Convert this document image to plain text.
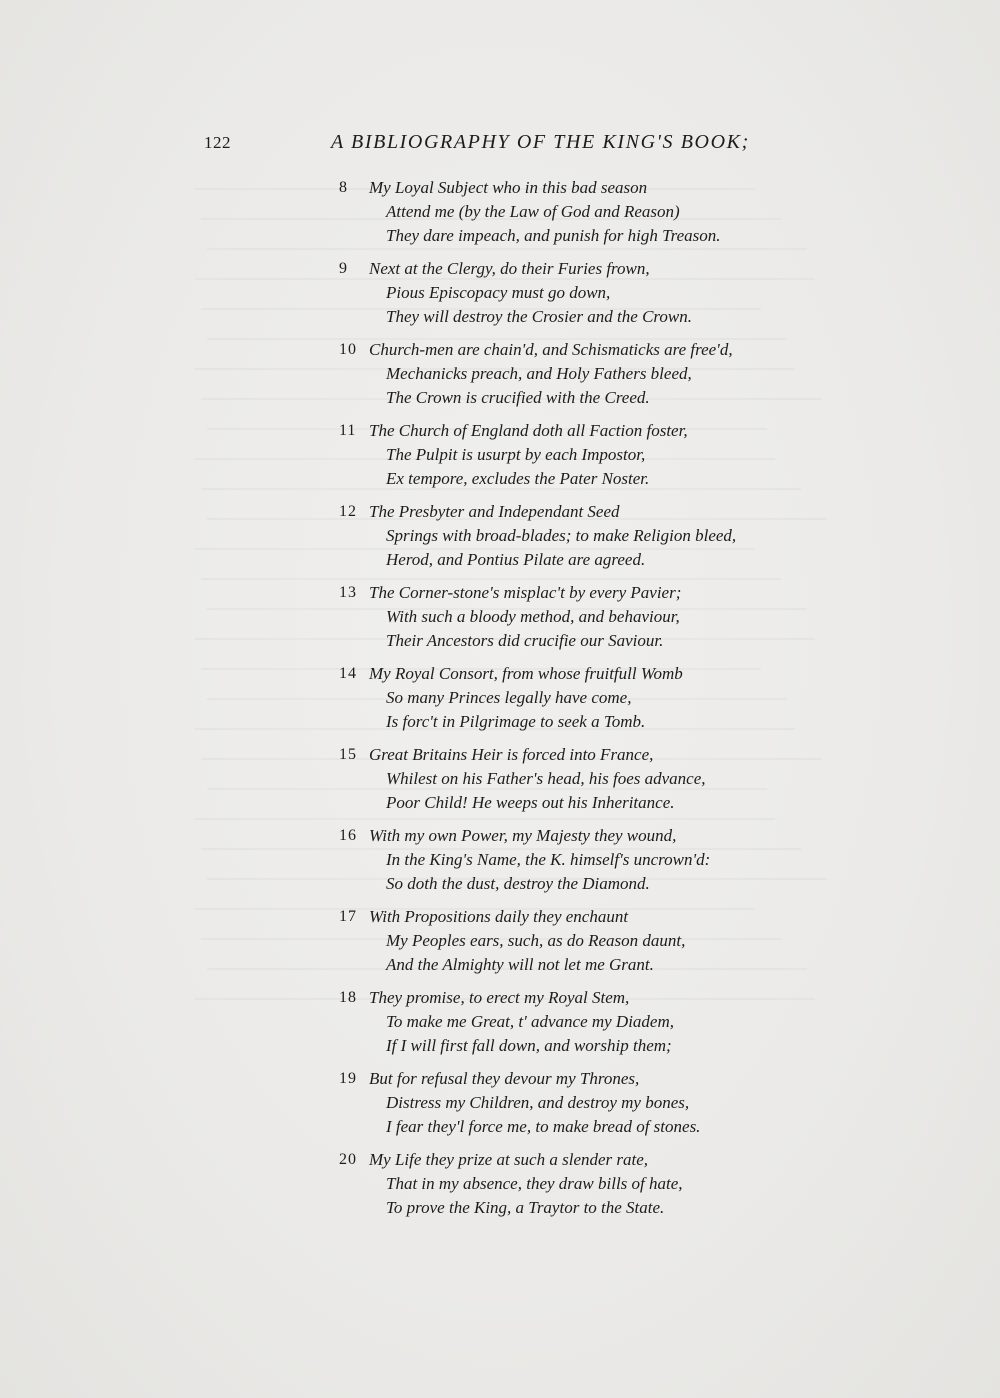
122	A BIBLIOGRAPHY OF THE KING'S BOOK;
8 My Loyal Subject who in this bad season
Attend me (by the Law of God and Reason)
They dare impeach, and punish for high Treason.
9 Next at the Clergy, do their Furies frown,
Pious Episcopacy must go down,
They will destroy the Crosier and the Crown.
10 Church-men are chain'd, and Schismaticks are free'd,
Mechanicks preach, and Holy Fathers bleed,
The Crown is crucified with the Creed.
11 The Church of England doth all Faction foster,
The Pulpit is usurpt by each Impostor,
Ex tempore, excludes the Pater Noster.
12 The Presbyter and Independant Seed
Springs with broad-blades; to make Religion bleed,
Herod, and Pontius Pilate are agreed.
13 The Corner-stone's misplac't by every Pavier;
With such a bloody method, and behaviour,
Their Ancestors did crucifie our Saviour.
14 My Royal Consort, from whose fruitfull Womb
So many Princes legally have come,
Is forc't in Pilgrimage to seek a Tomb.
15 Great Britains Heir is forced into France,
Whilest on his Father's head, his foes advance,
Poor Child! He weeps out his Inheritance.
16 With my own Power, my Majesty they wound,
In the King's Name, the K. himself's uncrown'd:
So doth the dust, destroy the Diamond.
17 With Propositions daily they enchaunt
My Peoples ears, such, as do Reason daunt,
And the Almighty will not let me Grant.
18 They promise, to erect my Royal Stem,
To make me Great, t' advance my Diadem,
If I will first fall down, and worship them;
19 But for refusal they devour my Thrones,
Distress my Children, and destroy my bones,
I fear they'l force me, to make bread of stones.
20 My Life they prize at such a slender rate,
That in my absence, they draw bills of hate,
To prove the King, a Traytor to the State.
